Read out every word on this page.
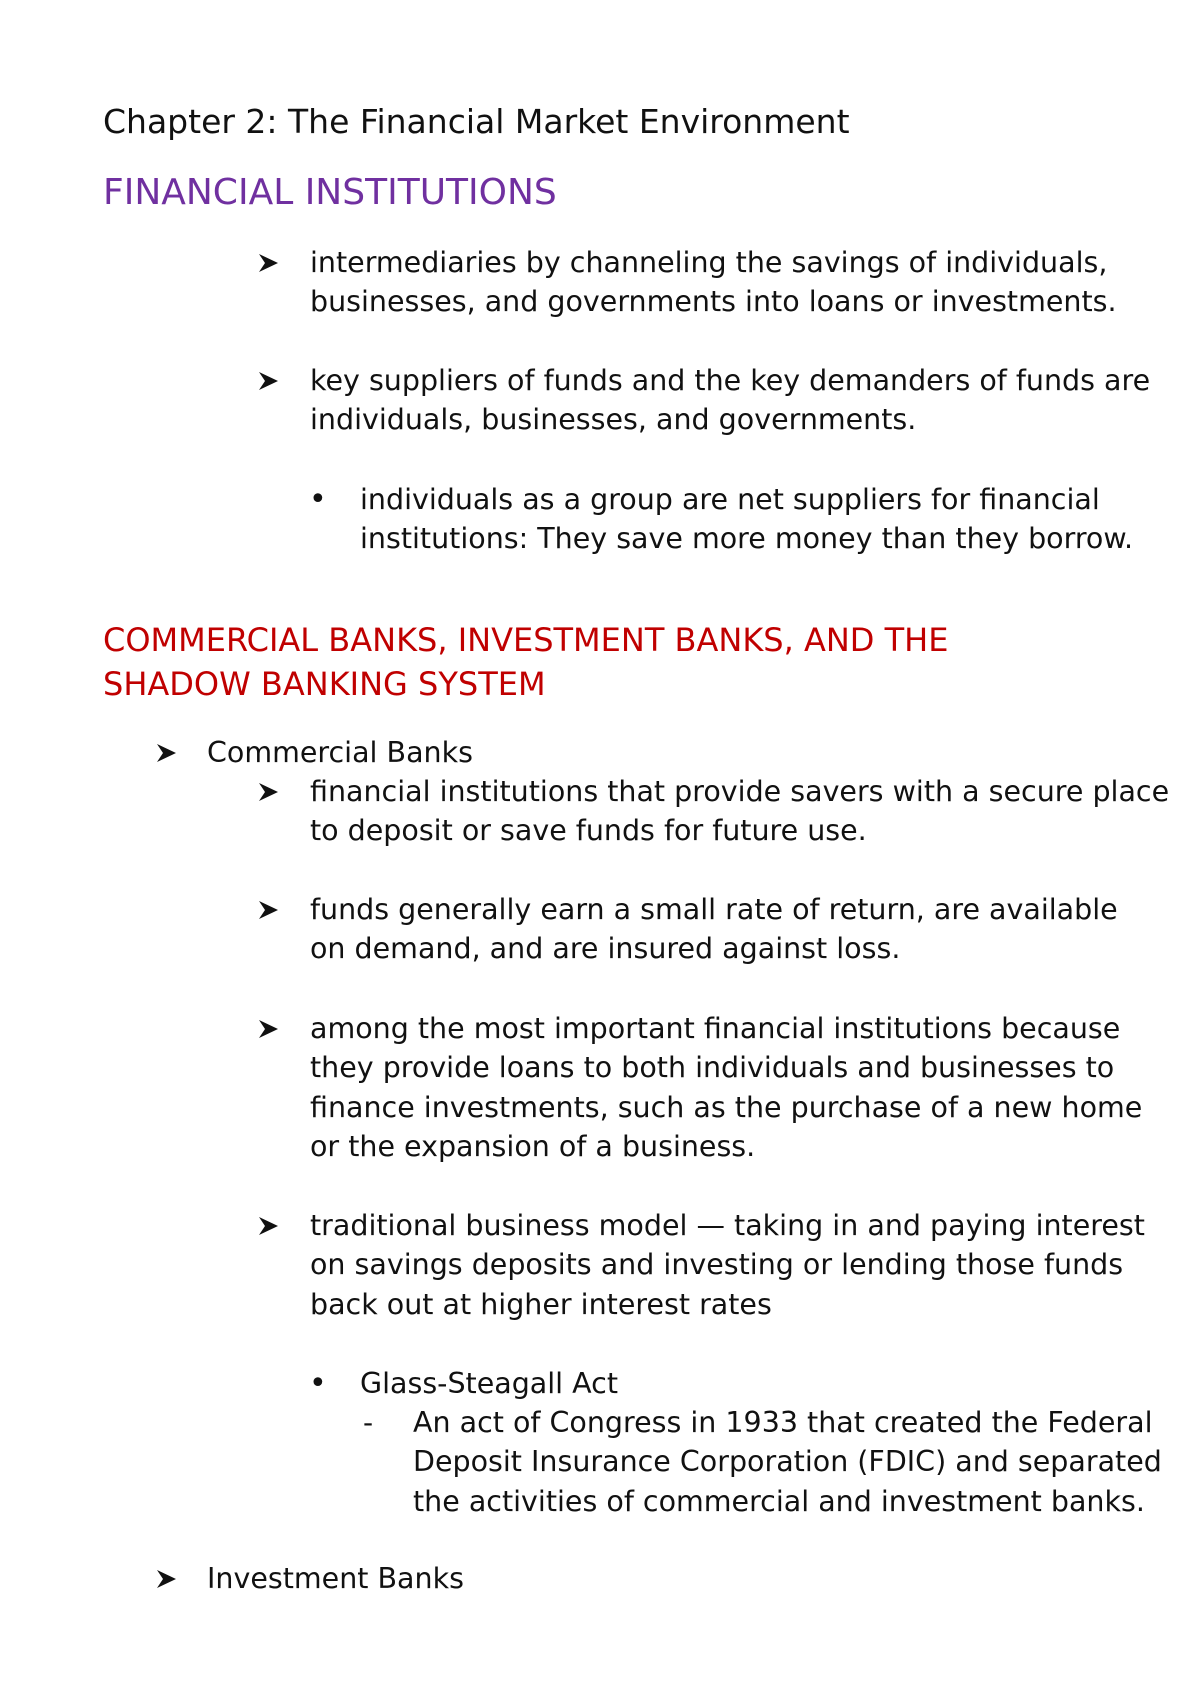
Chapter 2: The Financial Market Environment
FINANCIAL INSTITUTIONS
intermediaries by channeling the savings of individuals, businesses, and governments into loans or investments.
key suppliers of funds and the key demanders of funds are individuals, businesses, and governments.
•	individuals as a group are net suppliers for financial institutions: They save more money than they borrow.
COMMERCIAL BANKS, INVESTMENT BANKS, AND THE SHADOW BANKING SYSTEM
Commercial Banks
financial institutions that provide savers with a secure place to deposit or save funds for future use.
funds generally earn a small rate of return, are available on demand, and are insured against loss.
among the most important financial institutions because they provide loans to both individuals and businesses to finance investments, such as the purchase of a new home or the expansion of a business.
traditional business model — taking in and paying interest on savings deposits and investing or lending those funds back out at higher interest rates
•	Glass-Steagall Act
-	An act of Congress in 1933 that created the Federal Deposit Insurance Corporation (FDIC) and separated the activities of commercial and investment banks.
Investment Banks
